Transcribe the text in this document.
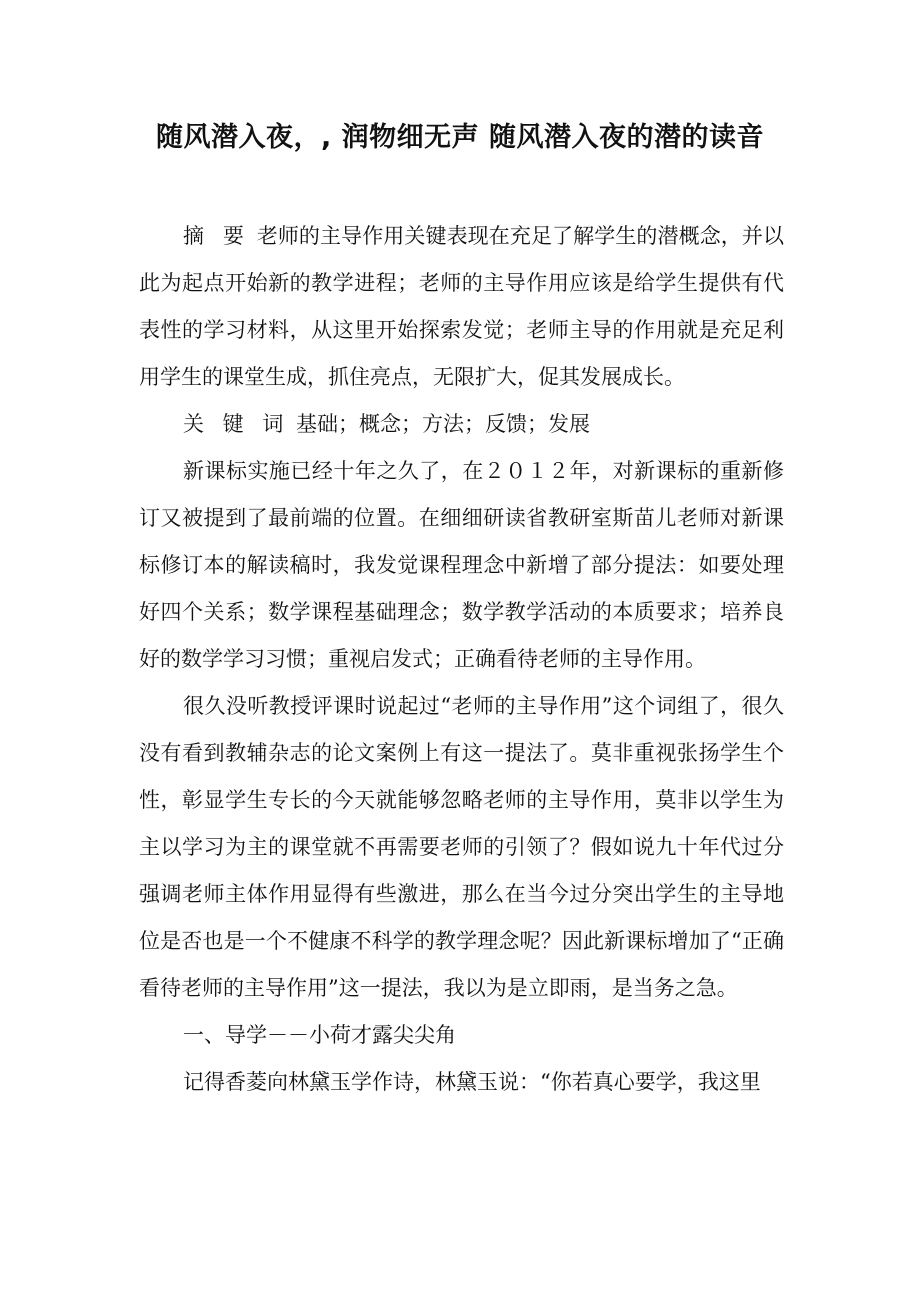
随风潜入夜，, 润物细无声 随风潜入夜的潜的读音

摘 要 老师的主导作用关键表现在充足了解学生的潜概念，并以此为起点开始新的教学进程；老师的主导作用应该是给学生提供有代表性的学习材料，从这里开始探索发觉；老师主导的作用就是充足利用学生的课堂生成，抓住亮点，无限扩大，促其发展成长。

关 键 词 基础；概念；方法；反馈；发展

新课标实施已经十年之久了，在２０１２年，对新课标的重新修订又被提到了最前端的位置。在细细研读省教研室斯苗儿老师对新课标修订本的解读稿时，我发觉课程理念中新增了部分提法：如要处理好四个关系；数学课程基础理念；数学教学活动的本质要求；培养良好的数学学习习惯；重视启发式；正确看待老师的主导作用。

很久没听教授评课时说起过“老师的主导作用”这个词组了，很久没有看到教辅杂志的论文案例上有这一提法了。莫非重视张扬学生个性，彰显学生专长的今天就能够忽略老师的主导作用，莫非以学生为主以学习为主的课堂就不再需要老师的引领了？假如说九十年代过分强调老师主体作用显得有些激进，那么在当今过分突出学生的主导地位是否也是一个不健康不科学的教学理念呢？因此新课标增加了“正确看待老师的主导作用”这一提法，我以为是立即雨，是当务之急。

一、导学－－小荷才露尖尖角

记得香菱向林黛玉学作诗，林黛玉说：“你若真心要学，我这里
